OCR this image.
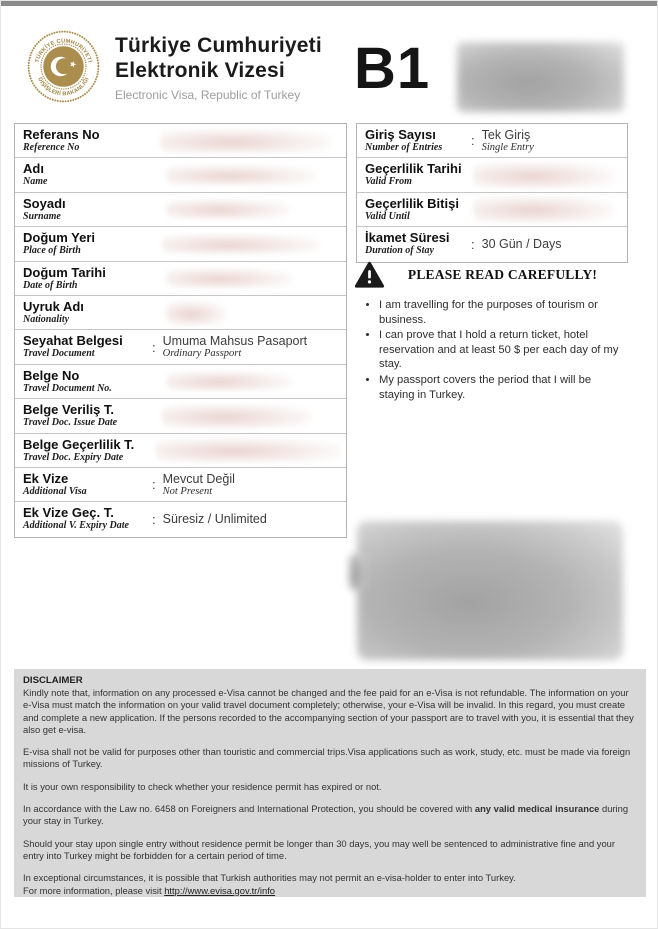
TÜRKİYE CUMHURİYETİ
DIŞİŞLERİ BAKANLIĞI
Türkiye Cumhuriyeti
Elektronik Vizesi
Electronic Visa, Republic of Turkey B1
Referans No
Reference No
Adı
Name
Soyadı
Surname
Doğum Yeri
Place of Birth
Doğum Tarihi
Date of Birth
Uyruk Adı
Nationality
Seyahat Belgesi
Travel Document	: Umuma Mahsus Pasaport
Ordinary Passport
Belge No
Travel Document No.
Belge Veriliş T.
Travel Doc. Issue Date
Belge Geçerlilik T.
Travel Doc. Expiry Date
Ek Vize
Additional Visa	: Mevcut Değil
Not Present
Ek Vize Geç. T.
Additional V. Expiry Date	: Süresiz / Unlimited
Giriş Sayısı
Number of Entries	: Tek Giriş
Single Entry
Geçerlilik Tarihi
Valid From
Geçerlilik Bitişi
Valid Until
İkamet Süresi
Duration of Stay	: 30 Gün / Days
PLEASE READ CAREFULLY!
• I am travelling for the purposes of tourism or business.
• I can prove that I hold a return ticket, hotel reservation and at least 50 $ per each day of my stay.
• My passport covers the period that I will be staying in Turkey.
DISCLAIMER

Kindly note that, information on any processed e-Visa cannot be changed and the fee paid for an e-Visa is not refundable. The information on your e-Visa must match the information on your valid travel document completely; otherwise, your e-Visa will be invalid. In this regard, you must create and complete a new application. If the persons recorded to the accompanying section of your passport are to travel with you, it is essential that they also get e-visa.

E-visa shall not be valid for purposes other than touristic and commercial trips.Visa applications such as work, study, etc. must be made via foreign missions of Turkey.

It is your own responsibility to check whether your residence permit has expired or not.

In accordance with the Law no. 6458 on Foreigners and International Protection, you should be covered with any valid medical insurance during your stay in Turkey.

Should your stay upon single entry without residence permit be longer than 30 days, you may well be sentenced to administrative fine and your entry into Turkey might be forbidden for a certain period of time.

In exceptional circumstances, it is possible that Turkish authorities may not permit an e-visa-holder to enter into Turkey.
For more information, please visit http://www.evisa.gov.tr/info
